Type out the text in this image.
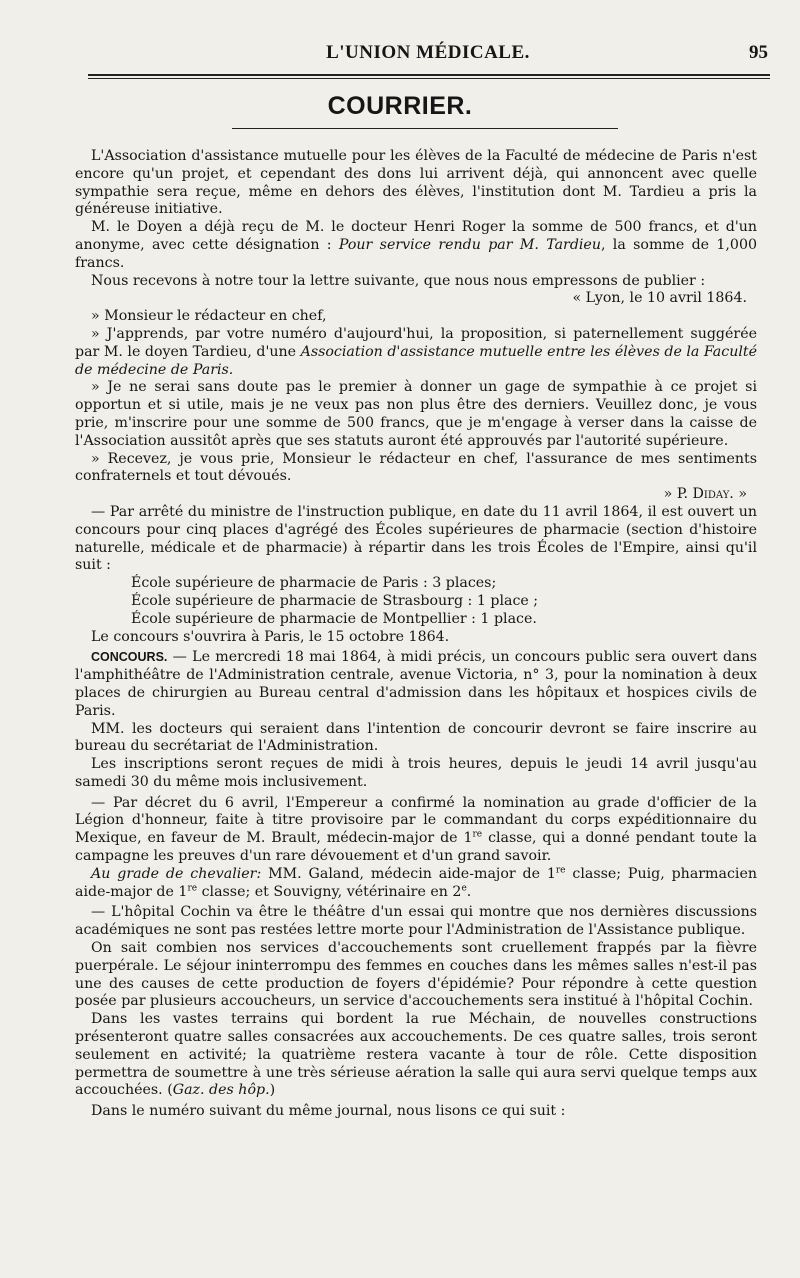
L'UNION MÉDICALE.	95
COURRIER.

L'Association d'assistance mutuelle pour les élèves de la Faculté de médecine de Paris n'est encore qu'un projet, et cependant des dons lui arrivent déjà, qui annoncent avec quelle sympathie sera reçue, même en dehors des élèves, l'institution dont M. Tardieu a pris la généreuse initiative.

M. le Doyen a déjà reçu de M. le docteur Henri Roger la somme de 500 francs, et d'un anonyme, avec cette désignation : Pour service rendu par M. Tardieu, la somme de 1,000 francs.

Nous recevons à notre tour la lettre suivante, que nous nous empressons de publier :

« Lyon, le 10 avril 1864.

» Monsieur le rédacteur en chef,

» J'apprends, par votre numéro d'aujourd'hui, la proposition, si paternellement suggérée par M. le doyen Tardieu, d'une Association d'assistance mutuelle entre les élèves de la Faculté de médecine de Paris.

» Je ne serai sans doute pas le premier à donner un gage de sympathie à ce projet si opportun et si utile, mais je ne veux pas non plus être des derniers. Veuillez donc, je vous prie, m'inscrire pour une somme de 500 francs, que je m'engage à verser dans la caisse de l'Association aussitôt après que ses statuts auront été approuvés par l'autorité supérieure.

» Recevez, je vous prie, Monsieur le rédacteur en chef, l'assurance de mes sentiments confraternels et tout dévoués.

» P. Diday. »

— Par arrêté du ministre de l'instruction publique, en date du 11 avril 1864, il est ouvert un concours pour cinq places d'agrégé des Écoles supérieures de pharmacie (section d'histoire naturelle, médicale et de pharmacie) à répartir dans les trois Écoles de l'Empire, ainsi qu'il suit :

École supérieure de pharmacie de Paris : 3 places;

École supérieure de pharmacie de Strasbourg : 1 place ;

École supérieure de pharmacie de Montpellier : 1 place.

Le concours s'ouvrira à Paris, le 15 octobre 1864.

CONCOURS. — Le mercredi 18 mai 1864, à midi précis, un concours public sera ouvert dans l'amphithéâtre de l'Administration centrale, avenue Victoria, n° 3, pour la nomination à deux places de chirurgien au Bureau central d'admission dans les hôpitaux et hospices civils de Paris.

MM. les docteurs qui seraient dans l'intention de concourir devront se faire inscrire au bureau du secrétariat de l'Administration.

Les inscriptions seront reçues de midi à trois heures, depuis le jeudi 14 avril jusqu'au samedi 30 du même mois inclusivement.

— Par décret du 6 avril, l'Empereur a confirmé la nomination au grade d'officier de la Légion d'honneur, faite à titre provisoire par le commandant du corps expéditionnaire du Mexique, en faveur de M. Brault, médecin-major de 1re classe, qui a donné pendant toute la campagne les preuves d'un rare dévouement et d'un grand savoir.

Au grade de chevalier: MM. Galand, médecin aide-major de 1re classe; Puig, pharmacien aide-major de 1re classe; et Souvigny, vétérinaire en 2e.

— L'hôpital Cochin va être le théâtre d'un essai qui montre que nos dernières discussions académiques ne sont pas restées lettre morte pour l'Administration de l'Assistance publique.

On sait combien nos services d'accouchements sont cruellement frappés par la fièvre puerpérale. Le séjour ininterrompu des femmes en couches dans les mêmes salles n'est-il pas une des causes de cette production de foyers d'épidémie? Pour répondre à cette question posée par plusieurs accoucheurs, un service d'accouchements sera institué à l'hôpital Cochin.

Dans les vastes terrains qui bordent la rue Méchain, de nouvelles constructions présenteront quatre salles consacrées aux accouchements. De ces quatre salles, trois seront seulement en activité; la quatrième restera vacante à tour de rôle. Cette disposition permettra de soumettre à une très sérieuse aération la salle qui aura servi quelque temps aux accouchées. (Gaz. des hôp.)

Dans le numéro suivant du même journal, nous lisons ce qui suit :
